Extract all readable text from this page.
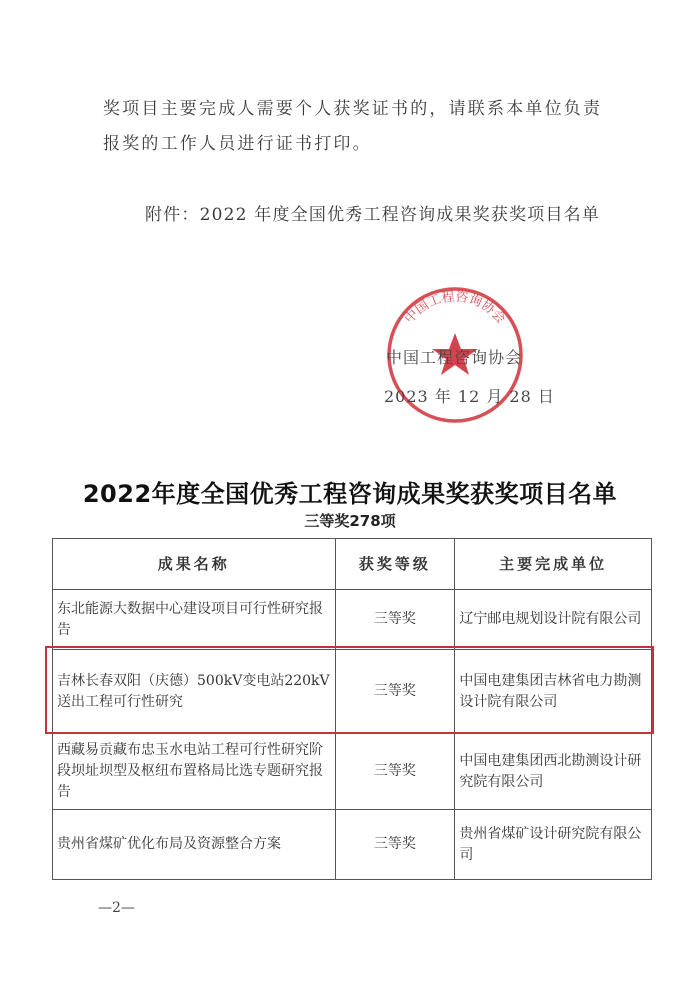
奖项目主要完成人需要个人获奖证书的，请联系本单位负责
报奖的工作人员进行证书打印。
附件：2022 年度全国优秀工程咨询成果奖获奖项目名单
中国工程咨询协会
中国工程咨询协会
2023 年 12 月 28 日
2022年度全国优秀工程咨询成果奖获奖项目名单
三等奖278项
成果名称	获奖等级	主要完成单位
东北能源大数据中心建设项目可行性研究报告	三等奖	辽宁邮电规划设计院有限公司
吉林长春双阳（庆德）500kV变电站220kV送出工程可行性研究	三等奖	中国电建集团吉林省电力勘测设计院有限公司
西藏易贡藏布忠玉水电站工程可行性研究阶段坝址坝型及枢纽布置格局比选专题研究报告	三等奖	中国电建集团西北勘测设计研究院有限公司
贵州省煤矿优化布局及资源整合方案	三等奖	贵州省煤矿设计研究院有限公司
—2—
